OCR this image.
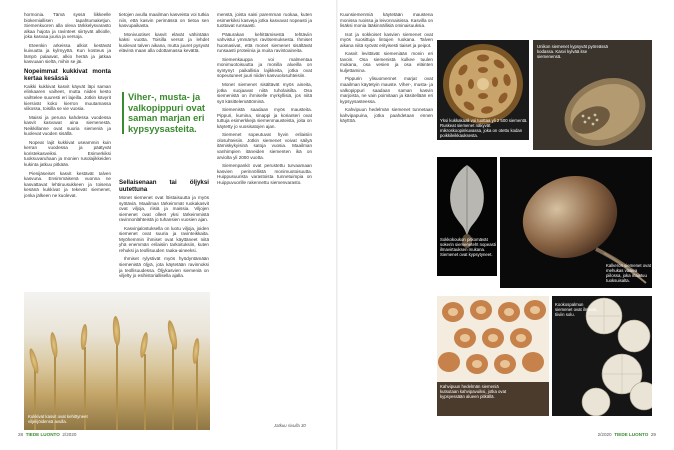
hormonia. Tämä syssä liikkeelle biokemiallisen tapahtumaketjun. Siemenkuoren alla oleva tärkkelysvarasto alkaa hajota ja ravinteet siirtyvät alkiolle, joka kasvaa juuria ja versoja.

Eteenkin arkeissa alkiot kestävät kuivuutta ja kylmyyttä. Kun kosteus ja lämpö palaavat, alkio herää ja jatkaa kasvuaan sieltä, mihin se jäi.

Nopeimmat kukkivat monta kertaa kesässä

Kaikki kukkivat kasvit käyvät läpi saman elinkaaren vaiheet, mutta niiden kesto vaihtelee suuresti eri lajeilla. Jotkin kävyrit kiersivät koko kierron muutamassa viikossa, toisilla se vie vuosia.

Maissi ja peruna kahdessa vuodessa kasvit kasvavat aina siemenestä. Neikkillanne ovat suuria siemeniä ja kuolevat vuoden sisällä.

Nopeat lajit kukkivat useammin kuin kerran vuodessa ja päätyvät koristekasveiksi. Esimerkiksi tuoksuvaruhaan ja monien rusolajikkeiden kukinta jatkuu pitkään.

Pienijäseiset kasvit kestävät talven kasvuna. Ensimmäisenä vuonna ne kasvattavat lehtiruusukkeen ja toisena kesänä kukkivat ja tekevät siemenet, jonka jälkeen ne kuolevat.

tietojen avulla maailman kasveista voi tutkia niin, että kasvin perimässä on tietoa sen kasvupaikasta.

Monivuotiset kasvit elävät vähintään kaksi vuotta. Toisilla versot ja lehdet kuolevat talven aikana, mutta juuret pysyvät elävinä maan alla odottamassa kevättä.

Viher-, musta- ja valkopippuri ovat saman marjan eri kypsyysasteita.
Sellaisenaan tai öljyksi uutettuna

Monet siemenet ovat löistaisuutta ja myös syötäviä. Maailman tärkeimmät ruokakasvit ovat viljoja, riisiä ja maissia. Viljojen siemenet ovat olleet yksi tärkeimmistä ravinnonlähteistä jo tuhansien vuosien ajan.

Kasvinjalostuksella on luotu viljoja, joiden siemenet ovat suuria ja ravinteikkaita. Myöhemmin ihmiset ovat käyttäneet niitä yhä enemmän erilaisiin tarkoituksiin, kuten rehuksi ja teollisuuden raaka-aineeksi.

Ihmiset rylystivät myös hyödyntämään siemenistä öljyä, jota käytetään ravinnoksi ja teollisuudessa. Öljykasvien siemeniä on viljelty jo esihistoriallisella ajalla.

menstä, joista saisi paremman ruokaa, kuten esimerkiksi kasveja jotka kasvavat nopeasti ja tuottavat runsaasti.

Pääurakan kehittämisestä tehtäviin vahvistui ymmärrys ravitsemuksesta. Ihmiset huomasivat, että monet siemenet sisältävät runsaasti proteiinia ja muita ravintoaineita.

Siemenkauppa voi malmentaa monimuotoisuutta ja monilla alueilla on syntynyt paikallisia lajikkeita, jotka ovat sopeutuneet juuri niiden kasvuolosuhteisiin.

Monet siemenet sisältävät myös aineita, jotka suojaavat niitä tuholaisilta. Osa siemenistä on ihmiselle myrkyllisiä, jos niitä syö käsittelemättöminä.

Siemenistä saadaan myös mausteita. Pippuri, kumina, sinappi ja korianteri ovat tuttuja esimerkkejä siemenmausteista, joita on käytetty jo vuosisatojen ajan.

Siemenet sopeutuvat hyvin erilaisiin olosuhteisiin. Jotkin siemenet voivat säilyä itämiskykyisinä satoja vuosia. Maailman vanhimpien itäneiden siementen ikä on arviolta yli 2000 vuotta.

Siemenpankit ovat perustettu turvaamaan kasvien perinnöllistä monimuotoisuutta. Huippusuurista varastoista tunnetuimpia on Huippuvuorille rakennettu siemenvarasto.

Jatkuu sivulla 30
Kukkivat kasvit ovat kehittyneet viljelijöidensä avulla.

Kuunsiemenmiä käytetään maustena monissa ruoissa ja leivonnaisissa. Kasvilla on lisäksi monia lääkinnällisiä ominaisuuksia.

Isot ja sokkoiset kasvien siemenet ovat myös suosittuja lintujen ruokana. Talven aikana niitä syövät erityisesti tiaiset ja peipot.

Kasvit levittävät siemeniään monin eri tavoin. Osa siemenistä kulkee tuulen mukana, osa vesien ja osa eläinten kuljettamina.

Pippurin ylisuomennet marjat ovat maailman käytetyin mauste. Viher-, musta- ja valkopippuri saadaan saman kasvin marjoista, ne vain poimitaan ja käsitellään eri kypsyysasteessa.

Kahvipuun hedelmän siemenet tunnetaan kahvipapuina, jotka paahdetaan ennen käyttöä.	Yksi kukkakaali voi tuottaa yli 2 500 siementä. Ruskeat siemenet näkyvät mikroskoopinkuvassa, joka on otettu kodan poikkileikkauksesta.
Unikon siemenet kypsyvät pyöreässä kodassa. Kasvi kylvää itse siemenensä.
Sokkokoukon pitkomävät sokerin siemeneteht nopeasti ilmavirtauksen mukana. Siemenet ovat kypsytyneet.
Kalkeron siemenet ovat mehukas vaalea piilossa, joka maistuu tuoksuisalta.
Kahvipuun hedelmän siemeniä kutsutaan kahvipavuiksi, jotka ovat kypsyessään alueen pitkällä.
Kookospalmun siemenet ovat ilmavia, tiiviin solu.
28 TIEDE LUONTO 2/2020	2/2020 TIEDE LUONTO 29
